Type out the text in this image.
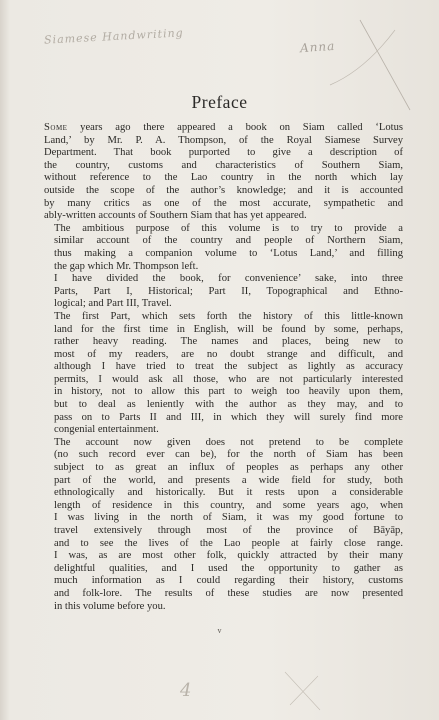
Siamese Handwriting
Anna
Preface

Some years ago there appeared a book on Siam called ‘Lotus
Land,’ by Mr. P. A. Thompson, of the Royal Siamese Survey
Department. That book purported to give a description of
the country, customs and characteristics of Southern Siam,
without reference to the Lao country in the north which lay
outside the scope of the author’s knowledge; and it is accounted
by many critics as one of the most accurate, sympathetic and
ably-written accounts of Southern Siam that has yet appeared.

The ambitious purpose of this volume is to try to provide a
similar account of the country and people of Northern Siam,
thus making a companion volume to ‘Lotus Land,’ and filling
the gap which Mr. Thompson left.

I have divided the book, for convenience’ sake, into three
Parts, Part I, Historical; Part II, Topographical and Ethno-
logical; and Part III, Travel.

The first Part, which sets forth the history of this little-known
land for the first time in English, will be found by some, perhaps,
rather heavy reading. The names and places, being new to
most of my readers, are no doubt strange and difficult, and
although I have tried to treat the subject as lightly as accuracy
permits, I would ask all those, who are not particularly interested
in history, not to allow this part to weigh too heavily upon them,
but to deal as leniently with the author as they may, and to
pass on to Parts II and III, in which they will surely find more
congenial entertainment.

The account now given does not pretend to be complete
(no such record ever can be), for the north of Siam has been
subject to as great an influx of peoples as perhaps any other
part of the world, and presents a wide field for study, both
ethnologically and historically. But it rests upon a considerable
length of residence in this country, and some years ago, when
I was living in the north of Siam, it was my good fortune to
travel extensively through most of the province of Bāyāp,
and to see the lives of the Lao people at fairly close range.
I was, as are most other folk, quickly attracted by their many
delightful qualities, and I used the opportunity to gather as
much information as I could regarding their history, customs
and folk-lore. The results of these studies are now presented
in this volume before you.

v
4
